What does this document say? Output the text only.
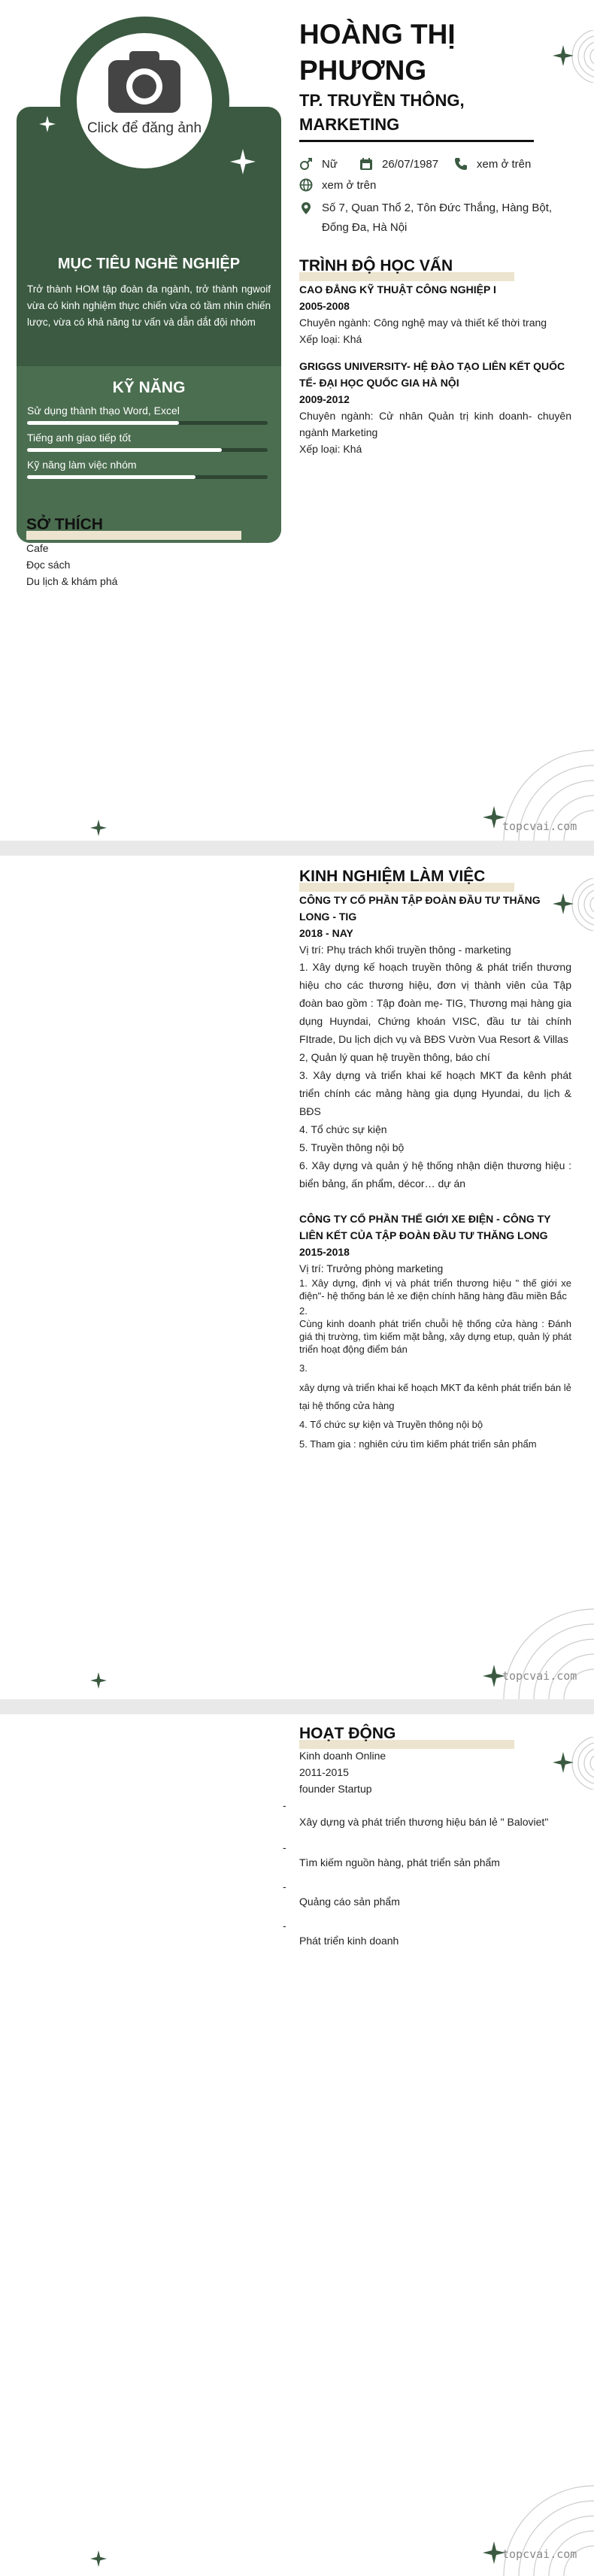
MỤC TIÊU NGHỀ NGHIỆP
Trở thành HOM tập đoàn đa ngành, trở thành ngwoif vừa có kinh nghiệm thực chiến vừa có tầm nhìn chiến lược, vừa có khả năng tư vấn và dẫn dắt đội nhóm
KỸ NĂNG
Sử dụng thành thạo Word, Excel
Tiếng anh giao tiếp tốt
Kỹ năng làm việc nhóm
Click để đăng ảnh
SỞ THÍCH
Cafe
Đọc sách
Du lịch & khám phá
HOÀNG THỊ
PHƯƠNG
TP. TRUYỀN THÔNG,
MARKETING
Nữ	26/07/1987	xem ở trên
xem ở trên
Số 7, Quan Thổ 2, Tôn Đức Thắng, Hàng Bột,
Đống Đa, Hà Nội
TRÌNH ĐỘ HỌC VẤN
CAO ĐẲNG KỸ THUẬT CÔNG NGHIỆP I
2005-2008
Chuyên ngành: Công nghệ may và thiết kế thời trang
Xếp loại: Khá
GRIGGS UNIVERSITY- HỆ ĐÀO TẠO LIÊN KẾT QUỐC TẾ- ĐẠI HỌC QUỐC GIA HÀ NỘI
2009-2012
Chuyên ngành: Cử nhân Quản trị kinh doanh- chuyên ngành Marketing
Xếp loại: Khá
topcvai.com
KINH NGHIỆM LÀM VIỆC
CÔNG TY CỔ PHẦN TẬP ĐOÀN ĐẦU TƯ THĂNG LONG - TIG
2018 - NAY
Vị trí: Phụ trách khối truyền thông - marketing
1. Xây dựng kế hoạch truyền thông & phát triển thương hiệu cho các thương hiệu, đơn vị thành viên của Tập đoàn bao gồm : Tập đoàn mẹ- TIG, Thương mại hàng gia dụng Huyndai, Chứng khoán VISC, đầu tư tài chính FItrade, Du lịch dịch vụ và BĐS Vườn Vua Resort & Villas
2, Quản lý quan hệ truyền thông, báo chí
3. Xây dựng và triển khai kế hoạch MKT đa kênh phát triển chính các mảng hàng gia dụng Hyundai, du lịch & BĐS
4. Tổ chức sự kiện
5. Truyền thông nội bộ
6. Xây dựng và quản ý hệ thống nhận diện thương hiệu : biển bảng, ấn phẩm, décor… dự án
CÔNG TY CỔ PHẦN THẾ GIỚI XE ĐIỆN - CÔNG TY LIÊN KẾT CỦA TẬP ĐOÀN ĐẦU TƯ THĂNG LONG
2015-2018
Vị trí: Trưởng phòng marketing
1. Xây dựng, định vị và phát triển thương hiệu " thế giới xe điện"- hệ thống bán lẻ xe điện chính hãng hàng đầu miền Bắc
2.
Cùng kinh doanh phát triển chuỗi hệ thống cửa hàng : Đánh giá thị trường, tìm kiếm mặt bằng, xây dựng etup, quản lý phát triển hoạt động điểm bán
3.
xây dựng và triển khai kế hoạch MKT đa kênh phát triển bán lẻ tại hệ thống cửa hàng
4. Tổ chức sự kiện và Truyền thông nội bộ
5. Tham gia : nghiên cứu tìm kiếm phát triển sản phẩm
topcvai.com
HOẠT ĐỘNG
Kinh doanh Online
2011-2015
founder Startup
-
Xây dựng và phát triển thương hiệu bán lẻ " Baloviet"
-
Tìm kiếm nguồn hàng, phát triển sản phẩm
-
Quảng cáo sản phẩm
-
Phát triển kinh doanh
topcvai.com
